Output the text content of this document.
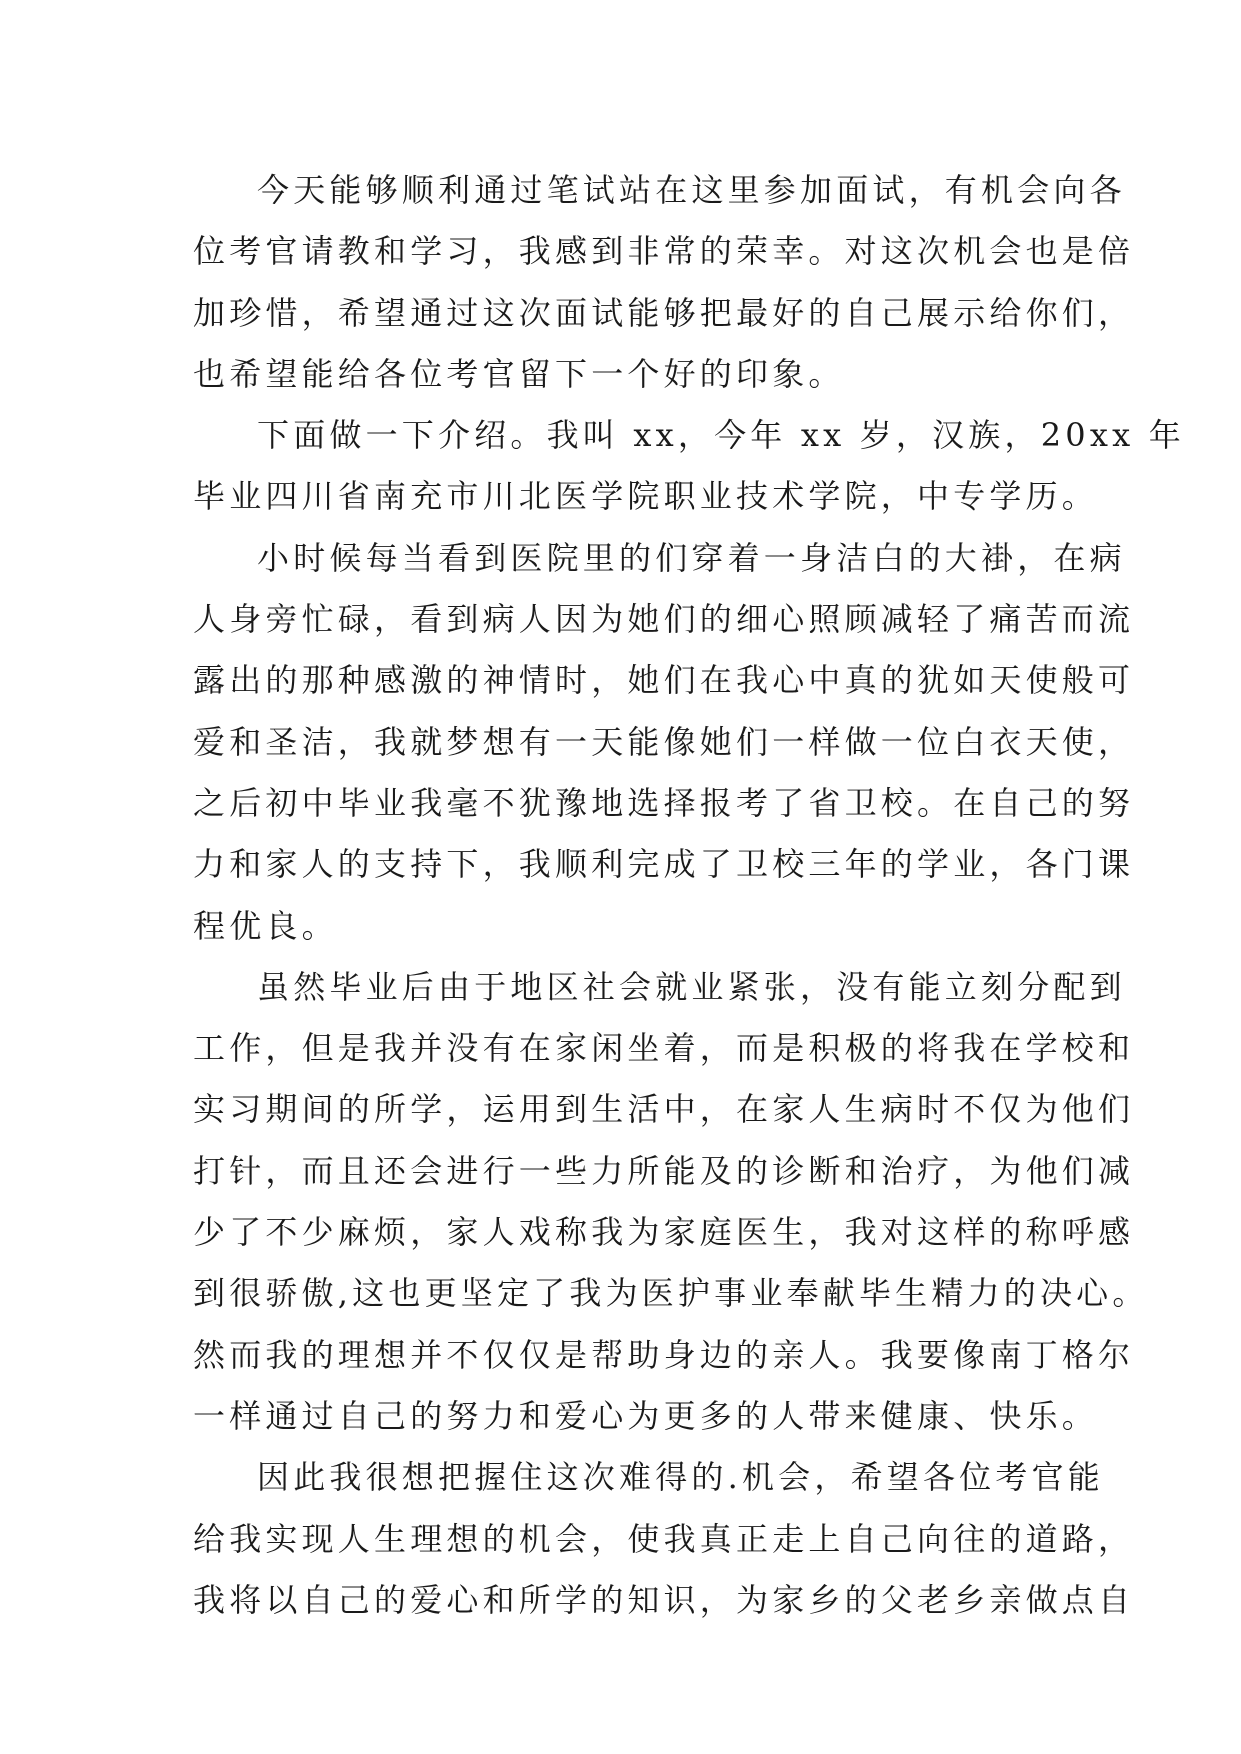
今天能够顺利通过笔试站在这里参加面试，有机会向各
位考官请教和学习，我感到非常的荣幸。对这次机会也是倍
加珍惜，希望通过这次面试能够把最好的自己展示给你们，
也希望能给各位考官留下一个好的印象。
下面做一下介绍。我叫 xx，今年 xx 岁，汉族，20xx 年
毕业四川省南充市川北医学院职业技术学院，中专学历。
小时候每当看到医院里的们穿着一身洁白的大褂，在病
人身旁忙碌，看到病人因为她们的细心照顾减轻了痛苦而流
露出的那种感激的神情时，她们在我心中真的犹如天使般可
爱和圣洁，我就梦想有一天能像她们一样做一位白衣天使，
之后初中毕业我毫不犹豫地选择报考了省卫校。在自己的努
力和家人的支持下，我顺利完成了卫校三年的学业，各门课
程优良。
虽然毕业后由于地区社会就业紧张，没有能立刻分配到
工作，但是我并没有在家闲坐着，而是积极的将我在学校和
实习期间的所学，运用到生活中，在家人生病时不仅为他们
打针，而且还会进行一些力所能及的诊断和治疗，为他们减
少了不少麻烦，家人戏称我为家庭医生，我对这样的称呼感
到很骄傲,这也更坚定了我为医护事业奉献毕生精力的决心。
然而我的理想并不仅仅是帮助身边的亲人。我要像南丁格尔
一样通过自己的努力和爱心为更多的人带来健康、快乐。
因此我很想把握住这次难得的.机会，希望各位考官能
给我实现人生理想的机会，使我真正走上自己向往的道路，
我将以自己的爱心和所学的知识，为家乡的父老乡亲做点自
